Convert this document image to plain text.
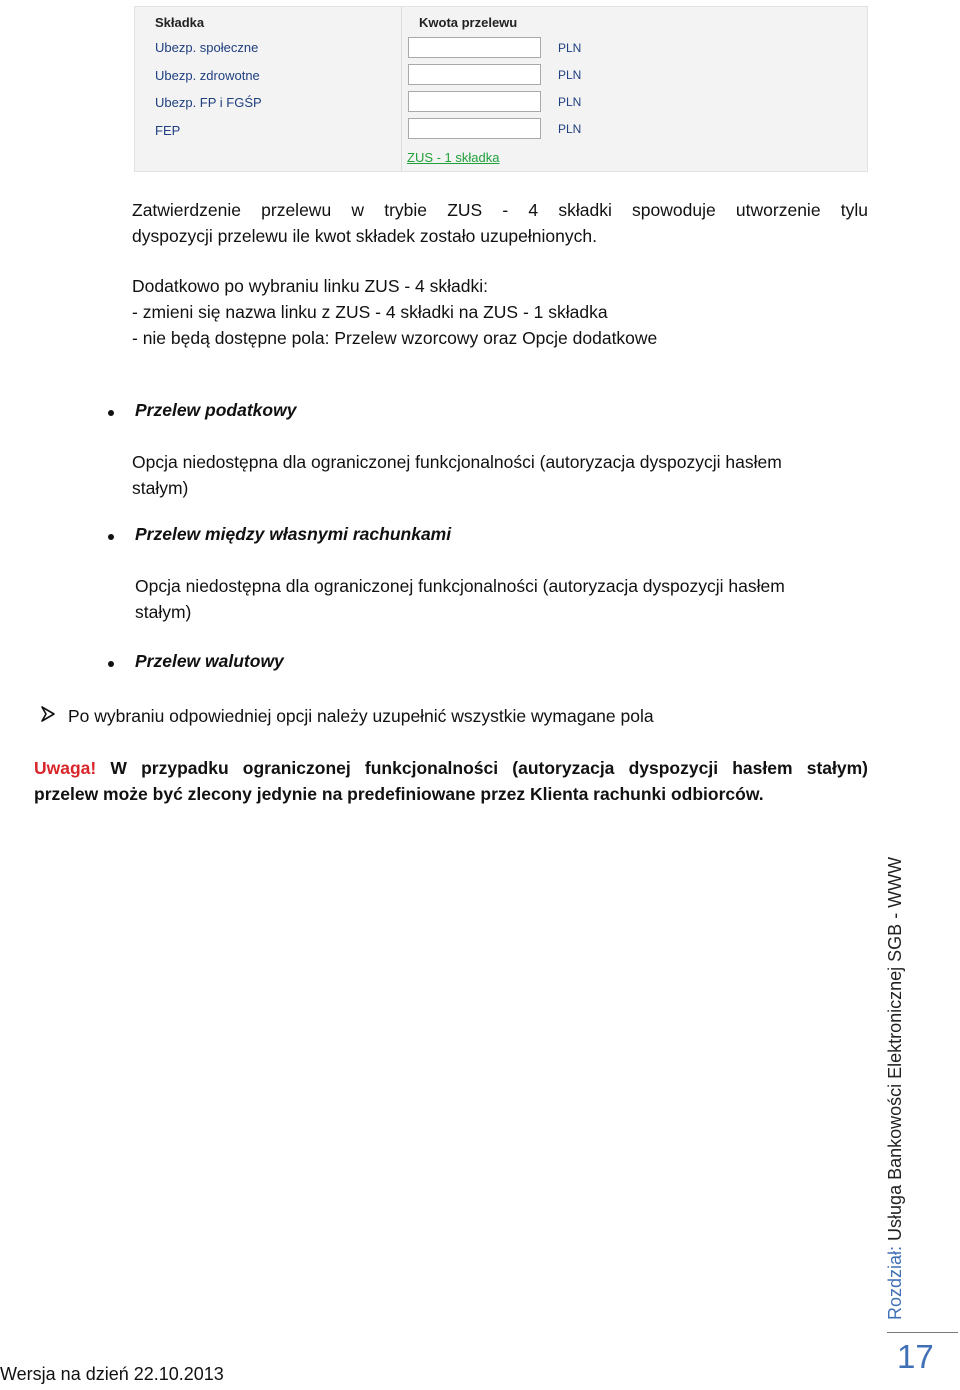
Składka	Kwota przelewu
Ubezp. społeczne	PLN
Ubezp. zdrowotne	PLN
Ubezp. FP i FGŚP	PLN
FEP	PLN
ZUS - 1 składka
Zatwierdzenie przelewu w trybie ZUS - 4 składki spowoduje utworzenie tylu
dyspozycji przelewu ile kwot składek zostało uzupełnionych.
Dodatkowo po wybraniu linku ZUS - 4 składki:
- zmieni się nazwa linku z ZUS - 4 składki na ZUS - 1 składka
- nie będą dostępne pola: Przelew wzorcowy oraz Opcje dodatkowe
Przelew podatkowy
Opcja niedostępna dla ograniczonej funkcjonalności (autoryzacja dyspozycji hasłem
stałym)
Przelew między własnymi rachunkami
Opcja niedostępna dla ograniczonej funkcjonalności (autoryzacja dyspozycji hasłem
stałym)
Przelew walutowy
Po wybraniu odpowiedniej opcji należy uzupełnić wszystkie wymagane pola
Uwaga! W przypadku ograniczonej funkcjonalności (autoryzacja dyspozycji hasłem stałym)
przelew może być zlecony jedynie na predefiniowane przez Klienta rachunki odbiorców.
Rozdział: Usługa Bankowości Elektronicznej SGB - WWW
17
Wersja na dzień 22.10.2013
